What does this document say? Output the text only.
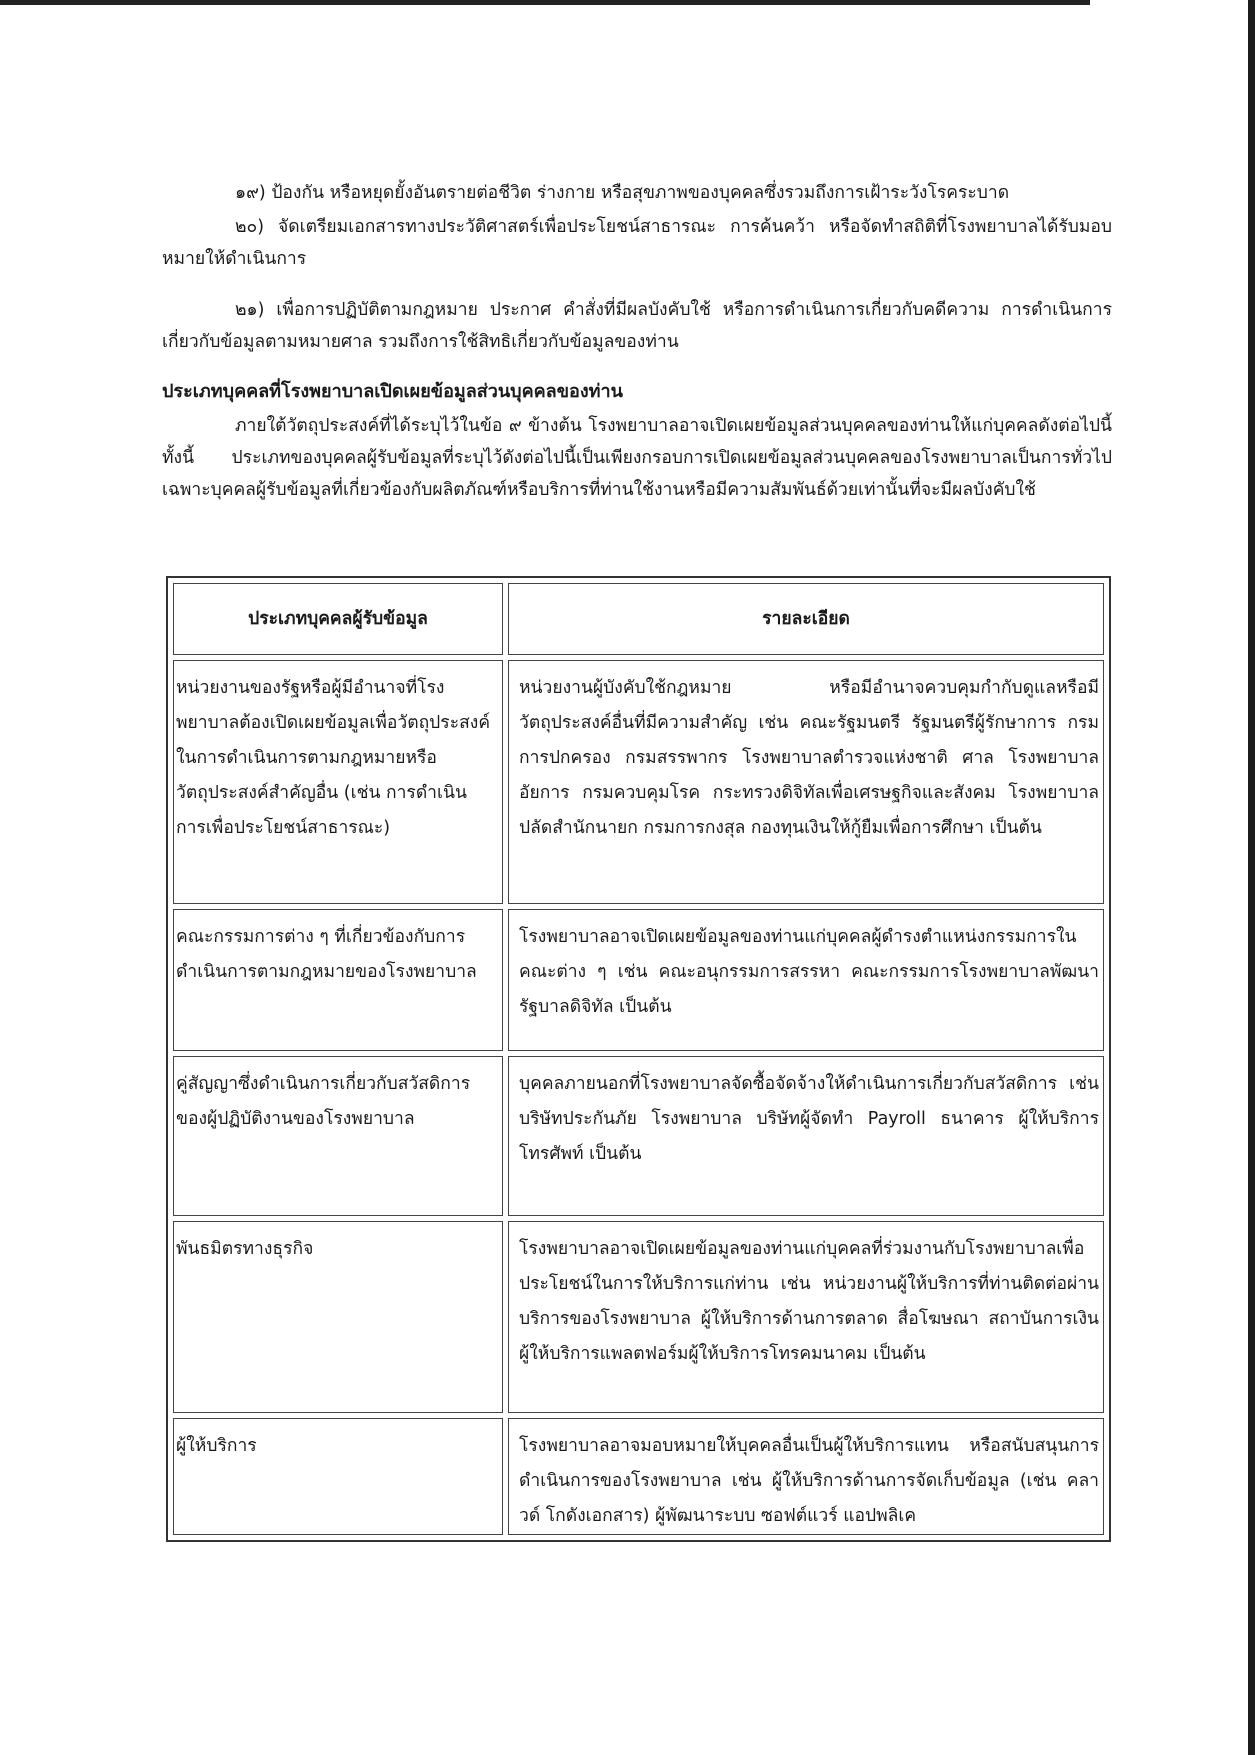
๑๙) ป้องกัน หรือหยุดยั้งอันตรายต่อชีวิต ร่างกาย หรือสุขภาพของบุคคลซึ่งรวมถึงการเฝ้าระวังโรคระบาด

๒๐) จัดเตรียมเอกสารทางประวัติศาสตร์เพื่อประโยชน์สาธารณะ การค้นคว้า หรือจัดทำสถิติที่โรงพยาบาลได้รับมอบหมายให้ดำเนินการ

๒๑) เพื่อการปฏิบัติตามกฎหมาย ประกาศ คำสั่งที่มีผลบังคับใช้ หรือการดำเนินการเกี่ยวกับคดีความ การดำเนินการเกี่ยวกับข้อมูลตามหมายศาล รวมถึงการใช้สิทธิเกี่ยวกับข้อมูลของท่าน

ประเภทบุคคลที่โรงพยาบาลเปิดเผยข้อมูลส่วนบุคคลของท่าน

ภายใต้วัตถุประสงค์ที่ได้ระบุไว้ในข้อ ๙ ข้างต้น โรงพยาบาลอาจเปิดเผยข้อมูลส่วนบุคคลของท่านให้แก่บุคคลดังต่อไปนี้ ทั้งนี้ ประเภทของบุคคลผู้รับข้อมูลที่ระบุไว้ดังต่อไปนี้เป็นเพียงกรอบการเปิดเผยข้อมูลส่วนบุคคลของโรงพยาบาลเป็นการทั่วไป เฉพาะบุคคลผู้รับข้อมูลที่เกี่ยวข้องกับผลิตภัณฑ์หรือบริการที่ท่านใช้งานหรือมีความสัมพันธ์ด้วยเท่านั้นที่จะมีผลบังคับใช้

ประเภทบุคคลผู้รับข้อมูล	รายละเอียด
หน่วยงานของรัฐหรือผู้มีอำนาจที่โรงพยาบาลต้องเปิดเผยข้อมูลเพื่อวัตถุประสงค์ในการดำเนินการตามกฎหมายหรือวัตถุประสงค์สำคัญอื่น (เช่น การดำเนินการเพื่อประโยชน์สาธารณะ)	หน่วยงานผู้บังคับใช้กฎหมาย หรือมีอำนาจควบคุมกำกับดูแลหรือมีวัตถุประสงค์อื่นที่มีความสำคัญ เช่น คณะรัฐมนตรี รัฐมนตรีผู้รักษาการ กรมการปกครอง กรมสรรพากร โรงพยาบาลตำรวจแห่งชาติ ศาล โรงพยาบาลอัยการ กรมควบคุมโรค กระทรวงดิจิทัลเพื่อเศรษฐกิจและสังคม โรงพยาบาลปลัดสำนักนายก กรมการกงสุล กองทุนเงินให้กู้ยืมเพื่อการศึกษา เป็นต้น
คณะกรรมการต่าง ๆ ที่เกี่ยวข้องกับการดำเนินการตามกฎหมายของโรงพยาบาล	โรงพยาบาลอาจเปิดเผยข้อมูลของท่านแก่บุคคลผู้ดำรงตำแหน่งกรรมการในคณะต่าง ๆ เช่น คณะอนุกรรมการสรรหา คณะกรรมการโรงพยาบาลพัฒนารัฐบาลดิจิทัล เป็นต้น
คู่สัญญาซึ่งดำเนินการเกี่ยวกับสวัสดิการของผู้ปฏิบัติงานของโรงพยาบาล	บุคคลภายนอกที่โรงพยาบาลจัดซื้อจัดจ้างให้ดำเนินการเกี่ยวกับสวัสดิการ เช่น บริษัทประกันภัย โรงพยาบาล บริษัทผู้จัดทำ Payroll ธนาคาร ผู้ให้บริการโทรศัพท์ เป็นต้น
พันธมิตรทางธุรกิจ	โรงพยาบาลอาจเปิดเผยข้อมูลของท่านแก่บุคคลที่ร่วมงานกับโรงพยาบาลเพื่อประโยชน์ในการให้บริการแก่ท่าน เช่น หน่วยงานผู้ให้บริการที่ท่านติดต่อผ่านบริการของโรงพยาบาล ผู้ให้บริการด้านการตลาด สื่อโฆษณา สถาบันการเงิน ผู้ให้บริการแพลตฟอร์มผู้ให้บริการโทรคมนาคม เป็นต้น
ผู้ให้บริการ	โรงพยาบาลอาจมอบหมายให้บุคคลอื่นเป็นผู้ให้บริการแทน หรือสนับสนุนการดำเนินการของโรงพยาบาล เช่น ผู้ให้บริการด้านการจัดเก็บข้อมูล (เช่น คลาวด์ โกดังเอกสาร) ผู้พัฒนาระบบ ซอฟต์แวร์ แอปพลิเค
